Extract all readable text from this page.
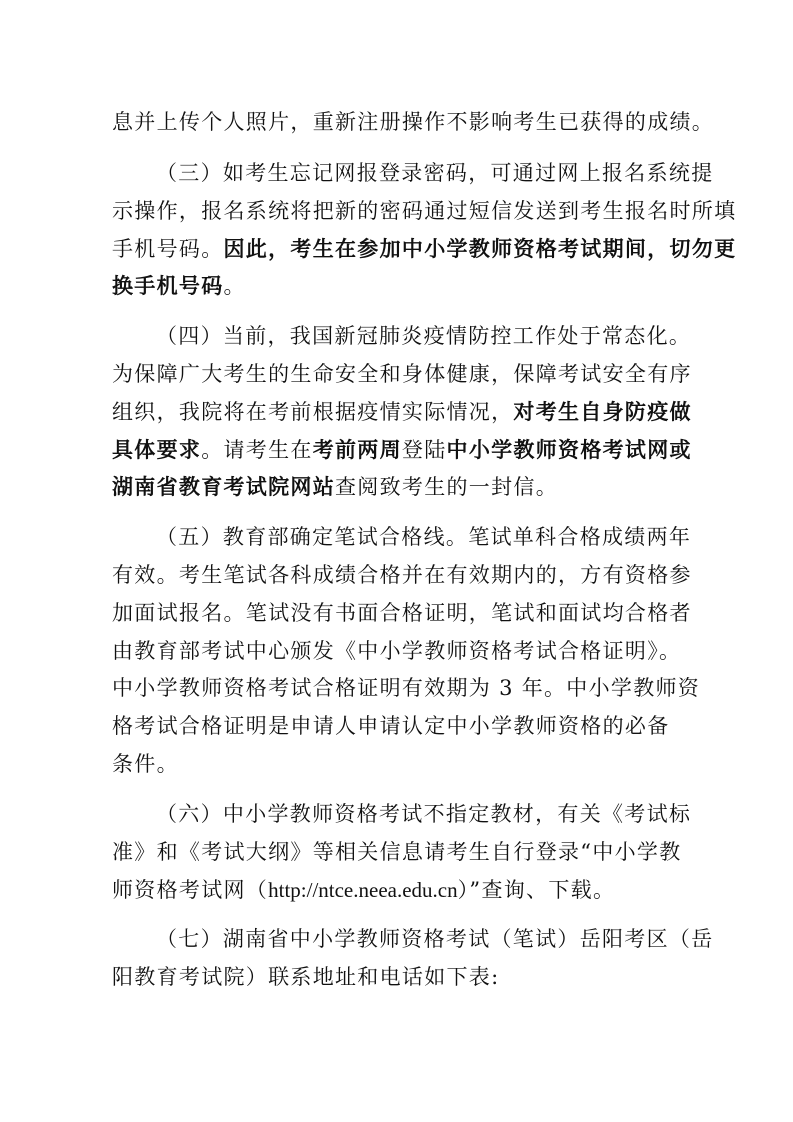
息并上传个人照片，重新注册操作不影响考生已获得的成绩。
（三）如考生忘记网报登录密码，可通过网上报名系统提
示操作，报名系统将把新的密码通过短信发送到考生报名时所填
手机号码。因此，考生在参加中小学教师资格考试期间，切勿更
换手机号码。
（四）当前，我国新冠肺炎疫情防控工作处于常态化。
为保障广大考生的生命安全和身体健康，保障考试安全有序
组织，我院将在考前根据疫情实际情况，对考生自身防疫做
具体要求。请考生在考前两周登陆中小学教师资格考试网或
湖南省教育考试院网站查阅致考生的一封信。
（五）教育部确定笔试合格线。笔试单科合格成绩两年
有效。考生笔试各科成绩合格并在有效期内的，方有资格参
加面试报名。笔试没有书面合格证明，笔试和面试均合格者
由教育部考试中心颁发《中小学教师资格考试合格证明》。
中小学教师资格考试合格证明有效期为 3 年。中小学教师资
格考试合格证明是申请人申请认定中小学教师资格的必备
条件。
（六）中小学教师资格考试不指定教材，有关《考试标
准》和《考试大纲》等相关信息请考生自行登录“中小学教
师资格考试网（http://ntce.neea.edu.cn）”查询、下载。
（七）湖南省中小学教师资格考试（笔试）岳阳考区（岳
阳教育考试院）联系地址和电话如下表:
